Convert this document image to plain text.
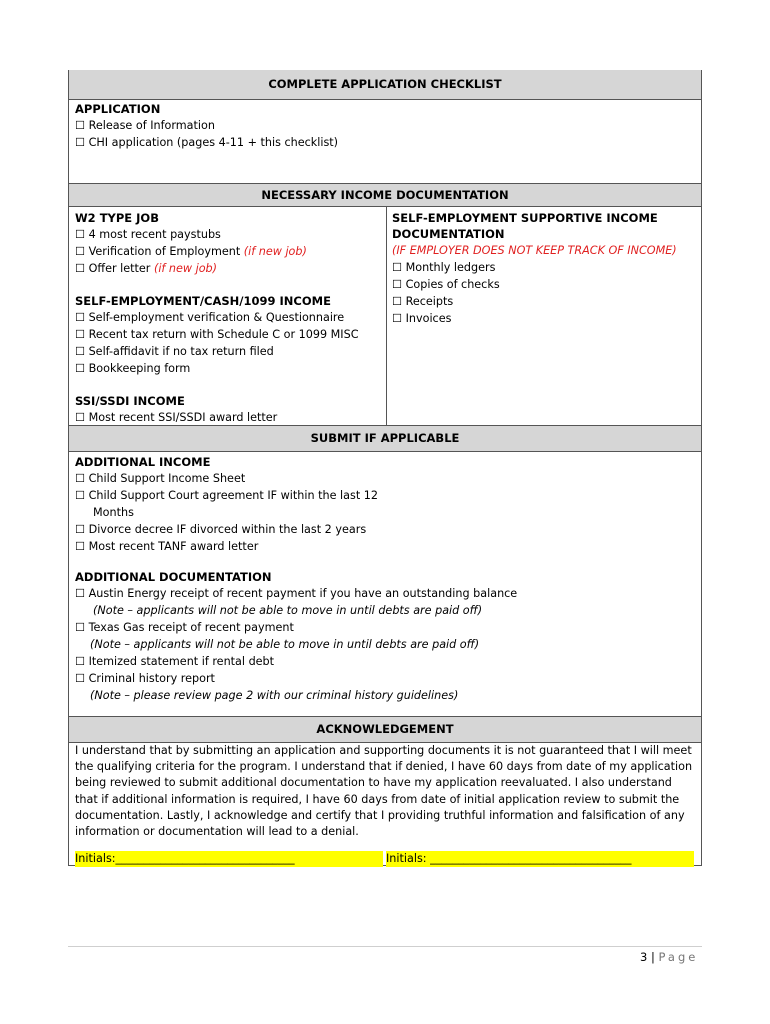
COMPLETE APPLICATION CHECKLIST
APPLICATION
☐ Release of Information
☐ CHI application (pages 4-11 + this checklist)
NECESSARY INCOME DOCUMENTATION
W2 TYPE JOB
☐ 4 most recent paystubs
☐ Verification of Employment (if new job)
☐ Offer letter (if new job)
SELF-EMPLOYMENT/CASH/1099 INCOME
☐ Self-employment verification & Questionnaire
☐ Recent tax return with Schedule C or 1099 MISC
☐ Self-affidavit if no tax return filed
☐ Bookkeeping form
SSI/SSDI INCOME
☐ Most recent SSI/SSDI award letter
SELF-EMPLOYMENT SUPPORTIVE INCOME
DOCUMENTATION
(IF EMPLOYER DOES NOT KEEP TRACK OF INCOME)
☐ Monthly ledgers
☐ Copies of checks
☐ Receipts
☐ Invoices
SUBMIT IF APPLICABLE
ADDITIONAL INCOME
☐ Child Support Income Sheet
☐ Child Support Court agreement IF within the last 12
Months
☐ Divorce decree IF divorced within the last 2 years
☐ Most recent TANF award letter
ADDITIONAL DOCUMENTATION
☐ Austin Energy receipt of recent payment if you have an outstanding balance
(Note – applicants will not be able to move in until debts are paid off)
☐ Texas Gas receipt of recent payment
(Note – applicants will not be able to move in until debts are paid off)
☐ Itemized statement if rental debt
☐ Criminal history report
(Note – please review page 2 with our criminal history guidelines)
ACKNOWLEDGEMENT
I understand that by submitting an application and supporting documents it is not guaranteed that I will meet the qualifying criteria for the program. I understand that if denied, I have 60 days from date of my application being reviewed to submit additional documentation to have my application reevaluated. I also understand that if additional information is required, I have 60 days from date of initial application review to submit the documentation. Lastly, I acknowledge and certify that I providing truthful information and falsification of any information or documentation will lead to a denial.
Initials:________________________________	Initials: ____________________________________
3 | Page
